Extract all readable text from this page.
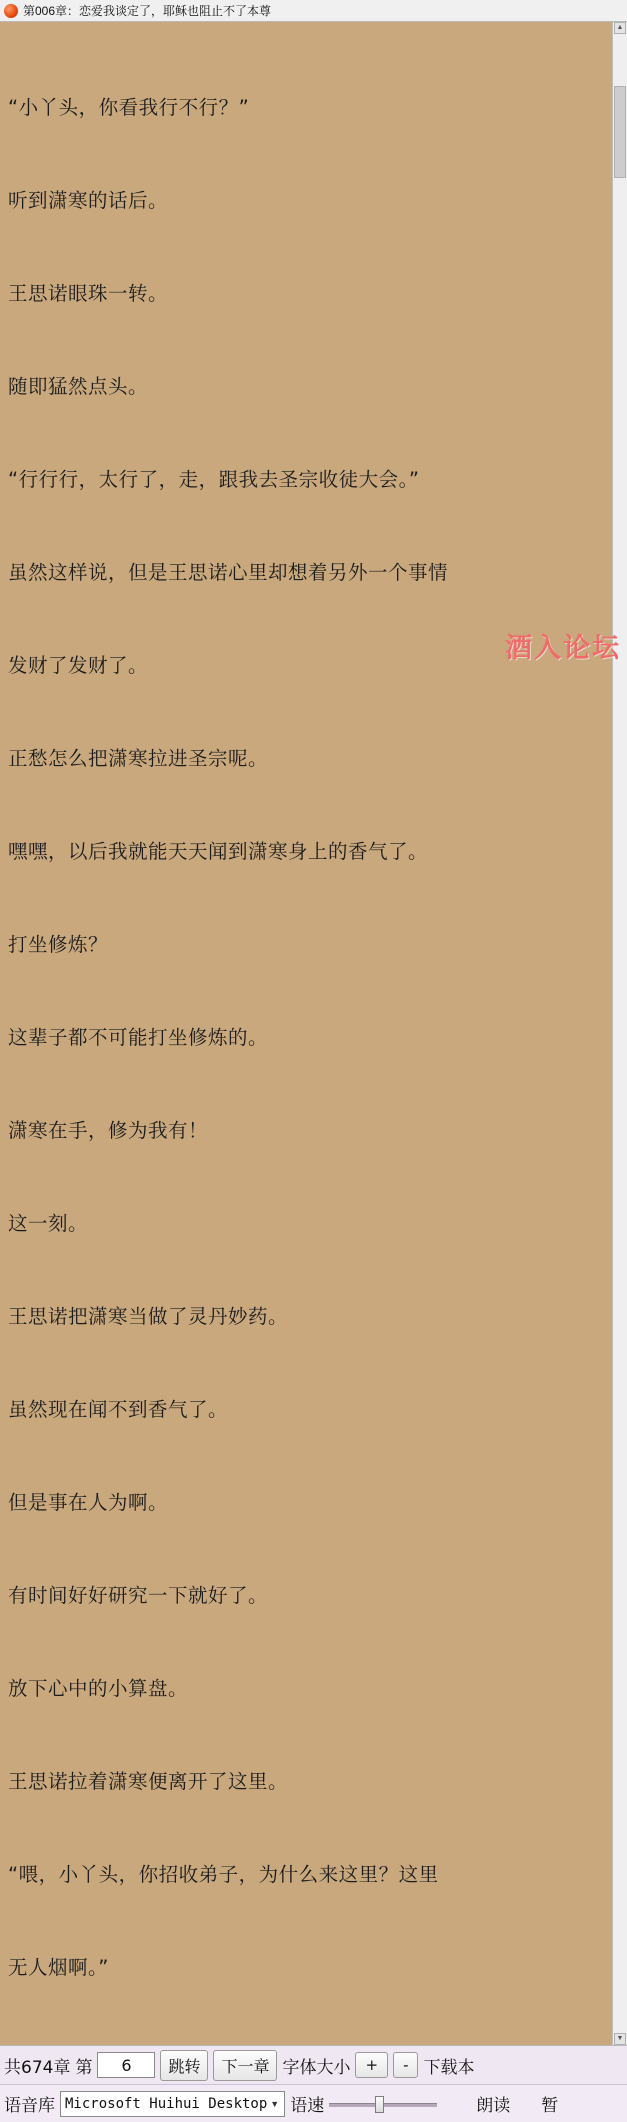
第006章：恋爱我谈定了，耶稣也阻止不了本尊

“小丫头，你看我行不行？”

听到潇寒的话后。

王思诺眼珠一转。

随即猛然点头。

“行行行，太行了，走，跟我去圣宗收徒大会。”

虽然这样说，但是王思诺心里却想着另外一个事情

发财了发财了。

正愁怎么把潇寒拉进圣宗呢。

嘿嘿，以后我就能天天闻到潇寒身上的香气了。

打坐修炼？

这辈子都不可能打坐修炼的。

潇寒在手，修为我有！

这一刻。

王思诺把潇寒当做了灵丹妙药。

虽然现在闻不到香气了。

但是事在人为啊。

有时间好好研究一下就好了。

放下心中的小算盘。

王思诺拉着潇寒便离开了这里。

“喂，小丫头，你招收弟子，为什么来这里？这里

无人烟啊。”

▲
▼
酒入论坛
共674章 第	6	跳转	下一章 字体大小	+	- 下载本
语音库 Microsoft Huihui Desktop ▼ 语速	朗读 暂
